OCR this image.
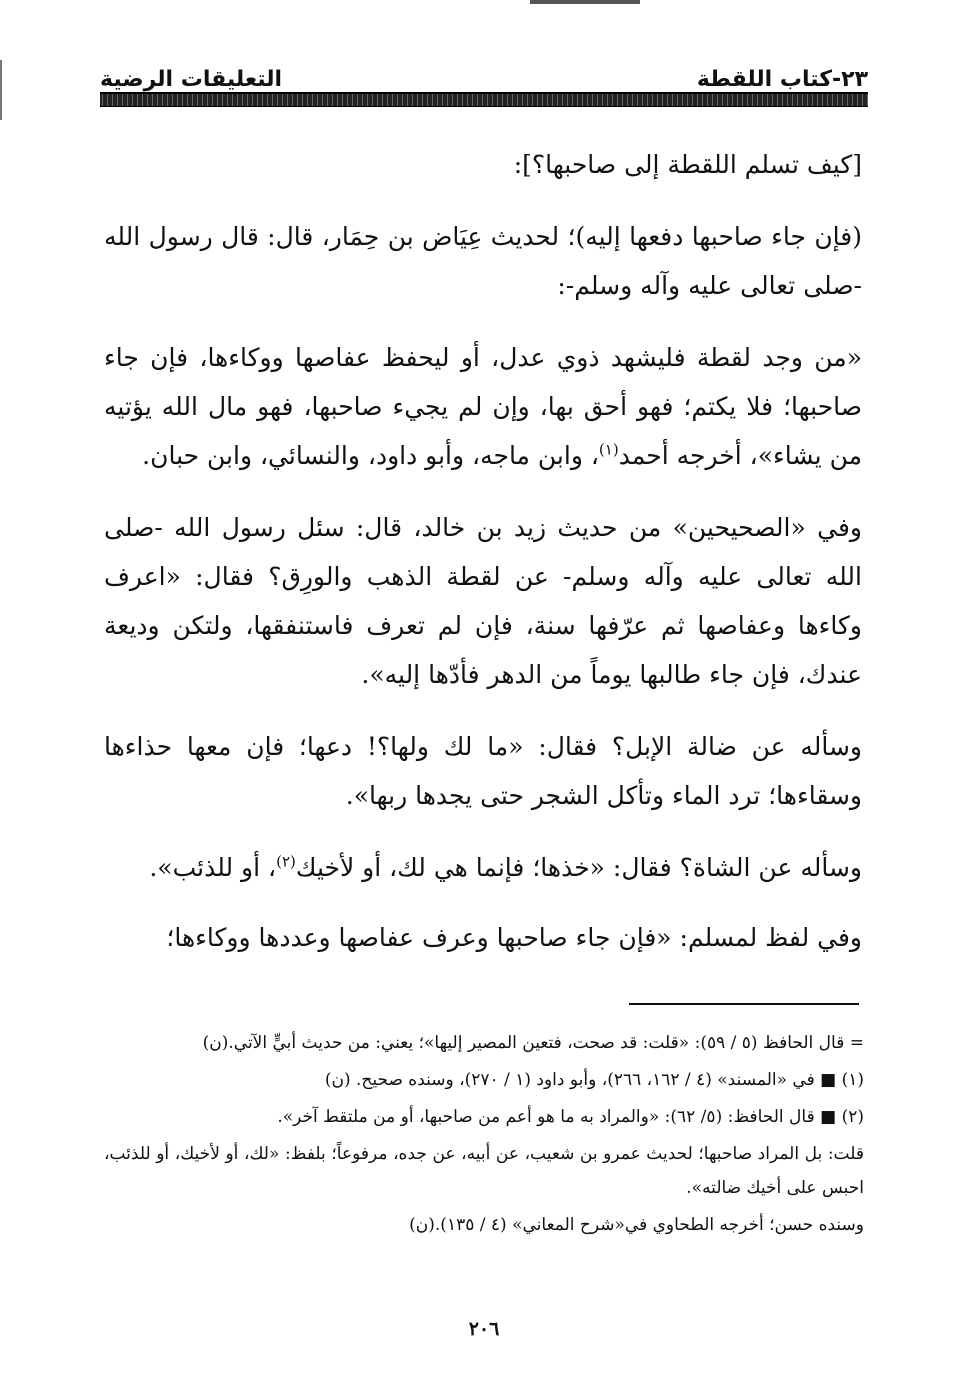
٢٣-كتاب اللقطة
التعليقات الرضية

[كيف تسلم اللقطة إلى صاحبها؟]:

(فإن جاء صاحبها دفعها إليه)؛ لحديث عِيَاض بن حِمَار، قال: قال رسول الله -صلى تعالى عليه وآله وسلم-:

«من وجد لقطة فليشهد ذوي عدل، أو ليحفظ عفاصها ووكاءها، فإن جاء صاحبها؛ فلا يكتم؛ فهو أحق بها، وإن لم يجيء صاحبها، فهو مال الله يؤتيه من يشاء»، أخرجه أحمد$^{(١)}$، وابن ماجه، وأبو داود، والنسائي، وابن حبان.

وفي «الصحيحين» من حديث زيد بن خالد، قال: سئل رسول الله -صلى الله تعالى عليه وآله وسلم- عن لقطة الذهب والورِق؟ فقال: «اعرف وكاءها وعفاصها ثم عرّفها سنة، فإن لم تعرف فاستنفقها، ولتكن وديعة عندك، فإن جاء طالبها يوماً من الدهر فأدّها إليه».

وسأله عن ضالة الإبل؟ فقال: «ما لك ولها؟! دعها؛ فإن معها حذاءها وسقاءها؛ ترد الماء وتأكل الشجر حتى يجدها ربها».

وسأله عن الشاة؟ فقال: «خذها؛ فإنما هي لك، أو لأخيك$^{(٢)}$، أو للذئب».

وفي لفظ لمسلم: «فإن جاء صاحبها وعرف عفاصها وعددها ووكاءها؛

= قال الحافظ (٥ / ٥٩): «قلت: قد صحت، فتعين المصير إليها»؛ يعني: من حديث أبيٍّ الآتي.(ن)

(١) ■ في «المسند» (٤ / ١٦٢، ٢٦٦)، وأبو داود (١ / ٢٧٠)، وسنده صحيح. (ن)

(٢) ■ قال الحافظ: (٥/ ٦٢): «والمراد به ما هو أعم من صاحبها، أو من ملتقط آخر».

قلت: بل المراد صاحبها؛ لحديث عمرو بن شعيب، عن أبيه، عن جده، مرفوعاً؛ بلفظ: «لك، أو لأخيك، أو للذئب، احبس على أخيك ضالته».

وسنده حسن؛ أخرجه الطحاوي في«شرح المعاني» (٤ / ١٣٥).(ن)

٢٠٦
